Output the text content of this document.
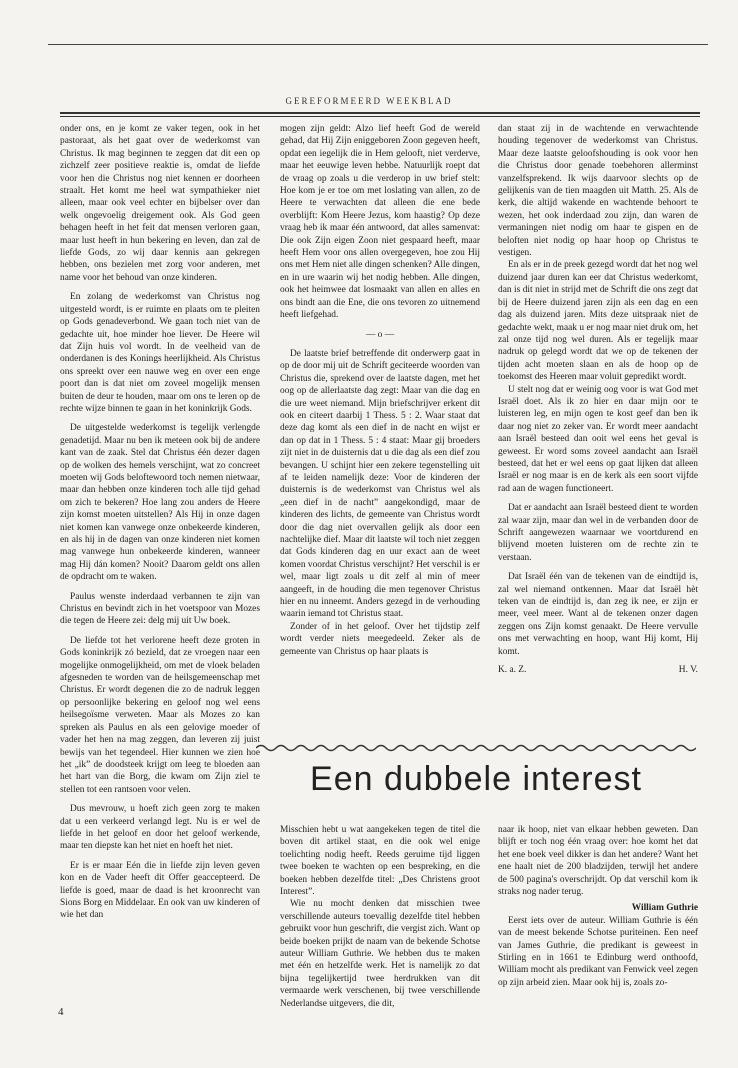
GEREFORMEERD WEEKBLAD

onder ons, en je komt ze vaker tegen, ook in het pastoraat, als het gaat over de wederkomst van Christus. Ik mag beginnen te zeggen dat dit een op zichzelf zeer positieve reaktie is, omdat de liefde voor hen die Christus nog niet kennen er doorheen straalt. Het komt me heel wat sympathieker niet alleen, maar ook veel echter en bijbelser over dan welk ongevoelig dreigement ook. Als God geen behagen heeft in het feit dat mensen verloren gaan, maar lust heeft in hun bekering en leven, dan zal de liefde Gods, zo wij daar kennis aan gekregen hebben, ons bezielen met zorg voor anderen, met name voor het behoud van onze kinderen.

En zolang de wederkomst van Christus nog uitgesteld wordt, is er ruimte en plaats om te pleiten op Gods genadeverbond. We gaan toch niet van de gedachte uit, hoe minder hoe liever. De Heere wil dat Zijn huis vol wordt. In de veelheid van de onderdanen is des Konings heerlijkheid. Als Christus ons spreekt over een nauwe weg en over een enge poort dan is dat niet om zoveel mogelijk mensen buiten de deur te houden, maar om ons te leren op de rechte wijze binnen te gaan in het koninkrijk Gods.

De uitgestelde wederkomst is tegelijk verlengde genadetijd. Maar nu ben ik meteen ook bij de andere kant van de zaak. Stel dat Christus één dezer dagen op de wolken des hemels verschijnt, wat zo concreet moeten wij Gods beloftewoord toch nemen nietwaar, maar dan hebben onze kinderen toch alle tijd gehad om zich te bekeren? Hoe lang zou anders de Heere zijn komst moeten uitstellen? Als Hij in onze dagen niet komen kan vanwege onze onbekeerde kinderen, en als hij in de dagen van onze kinderen niet komen mag vanwege hun onbekeerde kinderen, wanneer mag Hij dán komen? Nooit? Daarom geldt ons allen de opdracht om te waken.

Paulus wenste inderdaad verbannen te zijn van Christus en bevindt zich in het voetspoor van Mozes die tegen de Heere zei: delg mij uit Uw boek.

De liefde tot het verlorene heeft deze groten in Gods koninkrijk zó bezield, dat ze vroegen naar een mogelijke onmogelijkheid, om met de vloek beladen afgesneden te worden van de heilsgemeenschap met Christus. Er wordt degenen die zo de nadruk leggen op persoonlijke bekering en geloof nog wel eens heilsegoïsme verweten. Maar als Mozes zo kan spreken als Paulus en als een gelovige moeder of vader het hen na mag zeggen, dan leveren zij juist bewijs van het tegendeel. Hier kunnen we zien hoe het „ik” de doodsteek krijgt om leeg te bloeden aan het hart van die Borg, die kwam om Zijn ziel te stellen tot een rantsoen voor velen.

Dus mevrouw, u hoeft zich geen zorg te maken dat u een verkeerd verlangd legt. Nu is er wel de liefde in het geloof en door het geloof werkende, maar ten diepste kan het niet en hoeft het niet.

Er is er maar Eén die in liefde zijn leven geven kon en de Vader heeft dit Offer geaccepteerd. De liefde is goed, maar de daad is het kroonrecht van Sions Borg en Middelaar. En ook van uw kinderen of wie het dan

mogen zijn geldt: Alzo lief heeft God de wereld gehad, dat Hij Zijn eniggeboren Zoon gegeven heeft, opdat een iegelijk die in Hem gelooft, niet verderve, maar het eeuwige leven hebbe. Natuurlijk roept dat de vraag op zoals u die verderop in uw brief stelt: Hoe kom je er toe om met loslating van allen, zo de Heere te verwachten dat alleen die ene bede overblijft: Kom Heere Jezus, kom haastig? Op deze vraag heb ik maar één antwoord, dat alles samenvat: Die ook Zijn eigen Zoon niet gespaard heeft, maar heeft Hem voor ons allen overgegeven, hoe zou Hij ons met Hem niet alle dingen schenken? Alle dingen, en in ure waarin wij het nodig hebben. Alle dingen, ook het heimwee dat losmaakt van allen en alles en ons bindt aan die Ene, die ons tevoren zo uitnemend heeft liefgehad.

— o —

De laatste brief betreffende dit onderwerp gaat in op de door mij uit de Schrift geciteerde woorden van Christus die, sprekend over de laatste dagen, met het oog op de allerlaatste dag zegt: Maar van die dag en die ure weet niemand. Mijn briefschrijver erkent dit ook en citeert daarbij 1 Thess. 5 : 2. Waar staat dat deze dag komt als een dief in de nacht en wijst er dan op dat in 1 Thess. 5 : 4 staat: Maar gij broeders zijt niet in de duisternis dat u die dag als een dief zou bevangen. U schijnt hier een zekere tegenstelling uit af te leiden namelijk deze: Voor de kinderen der duisternis is de wederkomst van Christus wel als „een dief in de nacht” aangekondigd, maar de kinderen des lichts, de gemeente van Christus wordt door die dag niet overvallen gelijk als door een nachtelijke dief. Maar dit laatste wil toch niet zeggen dat Gods kinderen dag en uur exact aan de weet komen voordat Christus verschijnt? Het verschil is er wel, maar ligt zoals u dit zelf al min of meer aangeeft, in de houding die men tegenover Christus hier en nu inneemt. Anders gezegd in de verhouding waarin iemand tot Christus staat.

Zonder of in het geloof. Over het tijdstip zelf wordt verder niets meegedeeld. Zeker als de gemeente van Christus op haar plaats is

dan staat zij in de wachtende en verwachtende houding tegenover de wederkomst van Christus. Maar deze laatste geloofshouding is ook voor hen die Christus door genade toebehoren allerminst vanzelfsprekend. Ik wijs daarvoor slechts op de gelijkenis van de tien maagden uit Matth. 25. Als de kerk, die altijd wakende en wachtende behoort te wezen, het ook inderdaad zou zijn, dan waren de vermaningen niet nodig om haar te gispen en de beloften niet nodig op haar hoop op Christus te vestigen.

En als er in de preek gezegd wordt dat het nog wel duizend jaar duren kan eer dat Christus wederkomt, dan is dit niet in strijd met de Schrift die ons zegt dat bij de Heere duizend jaren zijn als een dag en een dag als duizend jaren. Mits deze uitspraak niet de gedachte wekt, maak u er nog maar niet druk om, het zal onze tijd nog wel duren. Als er tegelijk maar nadruk op gelegd wordt dat we op de tekenen der tijden acht moeten slaan en als de hoop op de toekomst des Heeren maar voluit gepredikt wordt.

U stelt nog dat er weinig oog voor is wat God met Israël doet. Als ik zo hier en daar mijn oor te luisteren leg, en mijn ogen te kost geef dan ben ik daar nog niet zo zeker van. Er wordt meer aandacht aan Israël besteed dan ooit wel eens het geval is geweest. Er word soms zoveel aandacht aan Israël besteed, dat het er wel eens op gaat lijken dat alleen Israël er nog maar is en de kerk als een soort vijfde rad aan de wagen functioneert.

Dat er aandacht aan Israël besteed dient te worden zal waar zijn, maar dan wel in de verbanden door de Schrift aangewezen waarnaar we voortdurend en blijvend moeten luisteren om de rechte zin te verstaan.

Dat Israël één van de tekenen van de eindtijd is, zal wel niemand ontkennen. Maar dat Israël hèt teken van de eindtijd is, dan zeg ik nee, er zijn er meer, veel meer. Want al de tekenen onzer dagen zeggen ons Zijn komst genaakt. De Heere vervulle ons met verwachting en hoop, want Hij komt, Hij komt.

K. a. Z.	H. V.

Een dubbele interest

Misschien hebt u wat aangekeken tegen de titel die boven dit artikel staat, en die ook wel enige toelichting nodig heeft. Reeds geruime tijd liggen twee boeken te wachten op een bespreking, en die boeken hebben dezelfde titel: „Des Christens groot Interest”.

Wie nu mocht denken dat misschien twee verschillende auteurs toevallig dezelfde titel hebben gebruikt voor hun geschrift, die vergist zich. Want op beide boeken prijkt de naam van de bekende Schotse auteur William Guthrie. We hebben dus te maken met één en hetzelfde werk. Het is namelijk zo dat bijna tegelijkertijd twee herdrukken van dit vermaarde werk verschenen, bij twee verschillende Nederlandse uitgevers, die dit,

naar ik hoop, niet van elkaar hebben geweten. Dan blijft er toch nog één vraag over: hoe komt het dat het ene boek veel dikker is dan het andere? Want het ene haalt niet de 200 bladzijden, terwijl het andere de 500 pagina's overschrijdt. Op dat verschil kom ik straks nog nader terug.

William Guthrie

Eerst iets over de auteur. William Guthrie is één van de meest bekende Schotse puriteinen. Een neef van James Guthrie, die predikant is geweest in Stirling en in 1661 te Edinburg werd onthoofd, William mocht als predikant van Fenwick veel zegen op zijn arbeid zien. Maar ook hij is, zoals zo-

4
